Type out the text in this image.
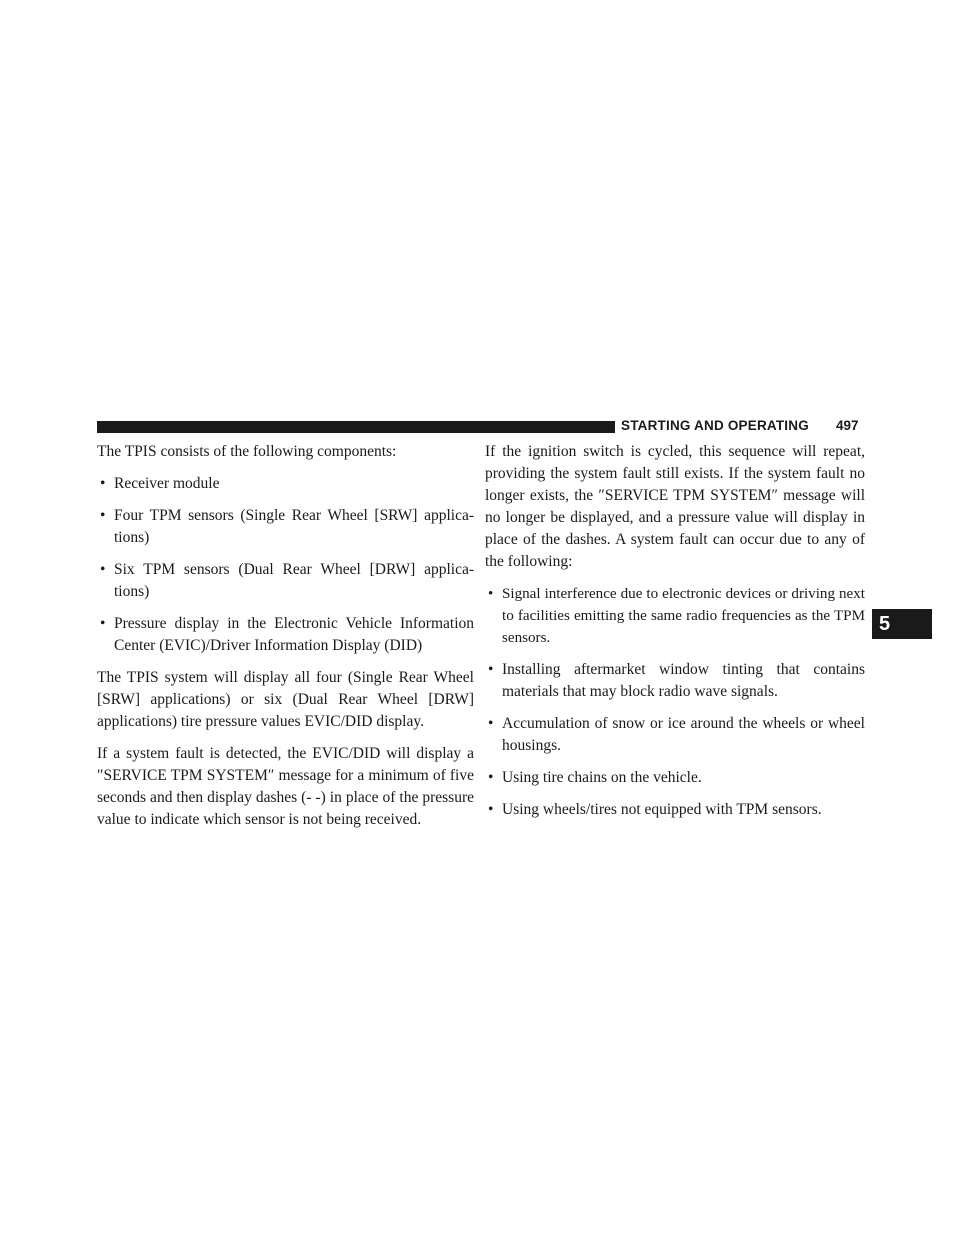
STARTING AND OPERATING 497
5

The TPIS consists of the following components:

• Receiver module
• Four TPM sensors (Single Rear Wheel [SRW] applica- tions)
• Six TPM sensors (Dual Rear Wheel [DRW] applica- tions)
• Pressure display in the Electronic Vehicle Information Center (EVIC)/Driver Information Display (DID)

The TPIS system will display all four (Single Rear Wheel [SRW] applications) or six (Dual Rear Wheel [DRW] applications) tire pressure values EVIC/DID display.

If a system fault is detected, the EVIC/DID will display a ″SERVICE TPM SYSTEM″ message for a minimum of five seconds and then display dashes (- -) in place of the pressure value to indicate which sensor is not being received.

If the ignition switch is cycled, this sequence will repeat, providing the system fault still exists. If the system fault no longer exists, the ″SERVICE TPM SYSTEM″ message will no longer be displayed, and a pressure value will display in place of the dashes. A system fault can occur due to any of the following:

• Signal interference due to electronic devices or driving next to facilities emitting the same radio frequencies as the TPM sensors.
• Installing aftermarket window tinting that contains materials that may block radio wave signals.
• Accumulation of snow or ice around the wheels or wheel housings.
• Using tire chains on the vehicle.
• Using wheels/tires not equipped with TPM sensors.
